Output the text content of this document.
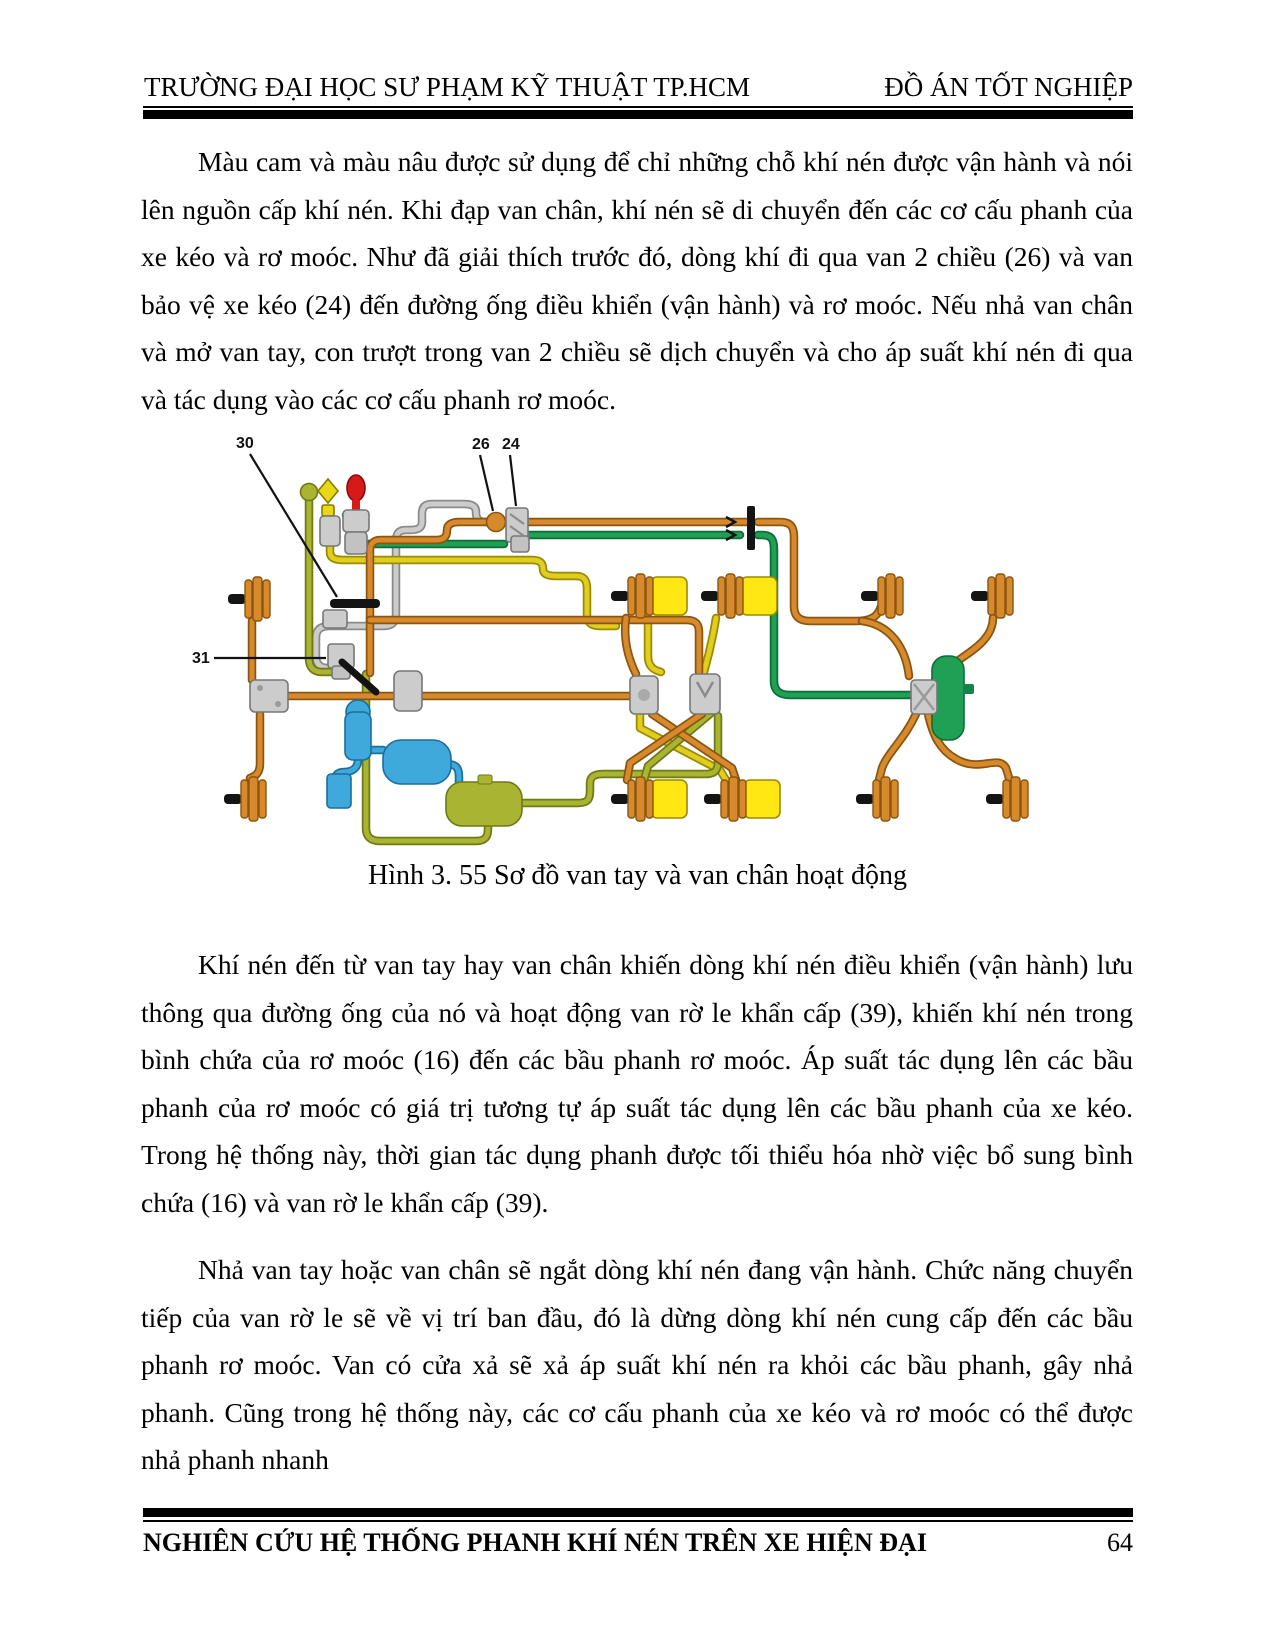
TRƯỜNG ĐẠI HỌC SƯ PHẠM KỸ THUẬT TP.HCM	ĐỒ ÁN TỐT NGHIỆP
Màu cam và màu nâu được sử dụng để chỉ những chỗ khí nén được vận hành và nói lên nguồn cấp khí nén. Khi đạp van chân, khí nén sẽ di chuyển đến các cơ cấu phanh của xe kéo và rơ moóc. Như đã giải thích trước đó, dòng khí đi qua van 2 chiều (26) và van bảo vệ xe kéo (24) đến đường ống điều khiển (vận hành) và rơ moóc. Nếu nhả van chân và mở van tay, con trượt trong van 2 chiều sẽ dịch chuyển và cho áp suất khí nén đi qua và tác dụng vào các cơ cấu phanh rơ moóc.
30	26 24
31
Hình 3. 55 Sơ đồ van tay và van chân hoạt động
Khí nén đến từ van tay hay van chân khiến dòng khí nén điều khiển (vận hành) lưu thông qua đường ống của nó và hoạt động van rờ le khẩn cấp (39), khiến khí nén trong bình chứa của rơ moóc (16) đến các bầu phanh rơ moóc. Áp suất tác dụng lên các bầu phanh của rơ moóc có giá trị tương tự áp suất tác dụng lên các bầu phanh của xe kéo. Trong hệ thống này, thời gian tác dụng phanh được tối thiểu hóa nhờ việc bổ sung bình chứa (16) và van rờ le khẩn cấp (39).
Nhả van tay hoặc van chân sẽ ngắt dòng khí nén đang vận hành. Chức năng chuyển tiếp của van rờ le sẽ về vị trí ban đầu, đó là dừng dòng khí nén cung cấp đến các bầu phanh rơ moóc. Van có cửa xả sẽ xả áp suất khí nén ra khỏi các bầu phanh, gây nhả phanh. Cũng trong hệ thống này, các cơ cấu phanh của xe kéo và rơ moóc có thể được nhả phanh nhanh
NGHIÊN CỨU HỆ THỐNG PHANH KHÍ NÉN TRÊN XE HIỆN ĐẠI	64
